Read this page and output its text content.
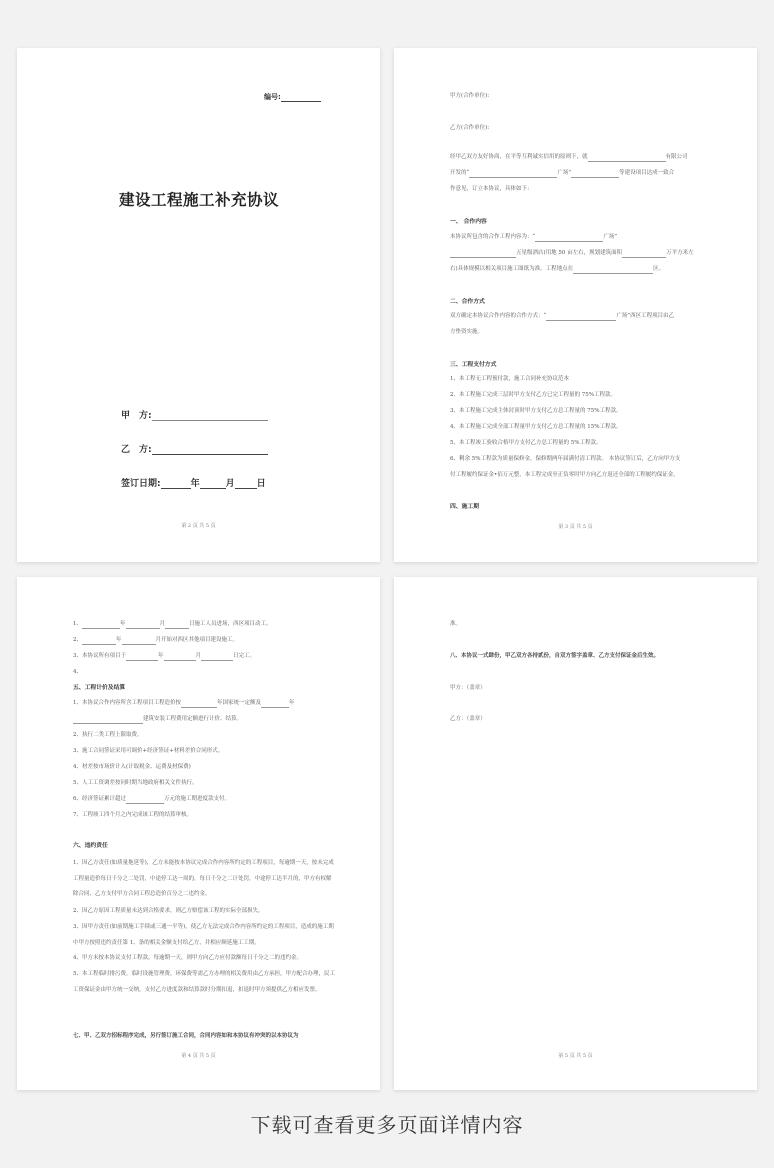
编号:
建设工程施工补充协议
甲　方:
乙　方:
签订日期:	年	月 日
第 2 页 共 5 页
甲方(合作单位):
乙方(合作单位):
经甲乙双方友好协商，在平等互利诚实信用的原则下，就	有限公司
开发的“	广场”	等建设项目达成一致合
作意见，订立本协议，具体如下：
一、 合作内容
本协议所包含的合作工程内容为：“	广场”
五星级酒店(用地 50 亩左右，规划建筑面积	万平方米左
右)具体规模以相关项目施工图纸为准。工程地点在	区。
二、合作方式
双方确定本协议合作内容的合作方式：“	广场”西区工程项目由乙
方垫资实施。
三、工程支付方式
1、本工程无工程预付款，施工合同补充协议范本
2、本工程施工完成三层时甲方支付乙方已完工程量的 75%工程款。
3、本工程施工完成主体封顶时甲方支付乙方总工程量的 75%工程款。
4、本工程施工完成全部工程量甲方支付乙方总工程量的 15%工程款。
5、本工程竣工验收合格甲方支付乙方总工程量的 5%工程款。
6、剩余 5%工程款为质量保修金，保修期两年届满付清工程款。 本协议签订后，乙方向甲方支
付工程履约保证金•佰万元整，本工程完成至正负零时甲方向乙方返还全部的工程履约保证金。
四、施工期
第 3 页 共 5 页
1、	年	月	日施工人员进场，西区项目动工。
2、	年	月开始对西区其他项目建设施工。
3、本协议所有项目于	年	月	日完工。
4、
五、工程计价及结算
1、本协议合作内容所含工程项目工程造价按	年国家统一定额及	年
建筑安装工程费用定额进行计价、结算。
2、执行二类工程上限取费。
3、施工合同签证采用可调价+经济签证+材料差价合同形式。
4、材差按市场价计入(计取税金、运费及材保费)
5、人工工资调差按同时期当地政府相关文件执行。
6、经济签证累计超过	万元的施工期进度款支付。
7、工程竣工四个月之内完成该工程的结算审核。
六、违约责任
1、因乙方责任(如质量拖延等)，乙方未能按本协议完成合作内容所约定的工程项目，每逾期一天，按未完成工程量造价每日千分之二处罚，中途停工达一周的，每日千分之二计处罚，中途停工达半月的，甲方有权解除合同，乙方支付甲方合同工程总造价百分之二违约金。
2、因乙方原因工程质量未达到合格要求，则乙方赔偿该工程的实际全部损失。
3、因甲方责任(如前期施工手续或三通一平等)，使乙方无法完成合作内容所约定的工程项目，造成的施工期中甲方按照违约责任第 1、条的相关金额支付给乙方，并相应顺延施工工期。
4、甲方未按本协议支付工程款，每逾期一天，则甲方向乙方应付款额每日千分之二的违约金。
5、本工程临时排污费，临时设施管理费，环保费等需乙方办理的相关费用由乙方承担，甲方配合办理，民工工资保证金由甲方统一交纳，支付乙方进度款和结算款时分期扣退，扣退时甲方须提供乙方相应发票。
七、甲、乙双方招标程序完成，另行签订施工合同，合同内容如和本协议有冲突的以本协议为
第 4 页 共 5 页
准。
八、本协议一式肆份，甲乙双方各持贰份，自双方签字盖章、乙方支付保证金后生效。
甲方：（盖章）
乙方：（盖章）
第 5 页 共 5 页
下载可查看更多页面详情内容
